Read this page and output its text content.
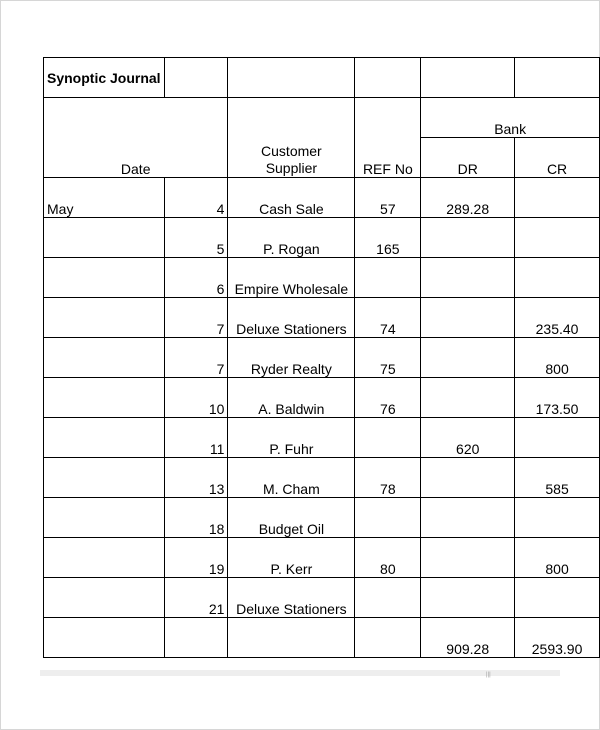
Synoptic Journal					
Date		Customer
Supplier	REF No	Bank	
				DR	CR
May	4	Cash Sale	57	289.28	
	5	P. Rogan	165		
	6	Empire Wholesale			
	7	Deluxe Stationers	74		235.40
	7	Ryder Realty	75		800
	10	A. Baldwin	76		173.50
	11	P. Fuhr		620	
	13	M. Cham	78		585
	18	Budget Oil			
	19	P. Kerr	80		800
	21	Deluxe Stationers			
				909.28	2593.90
|||
